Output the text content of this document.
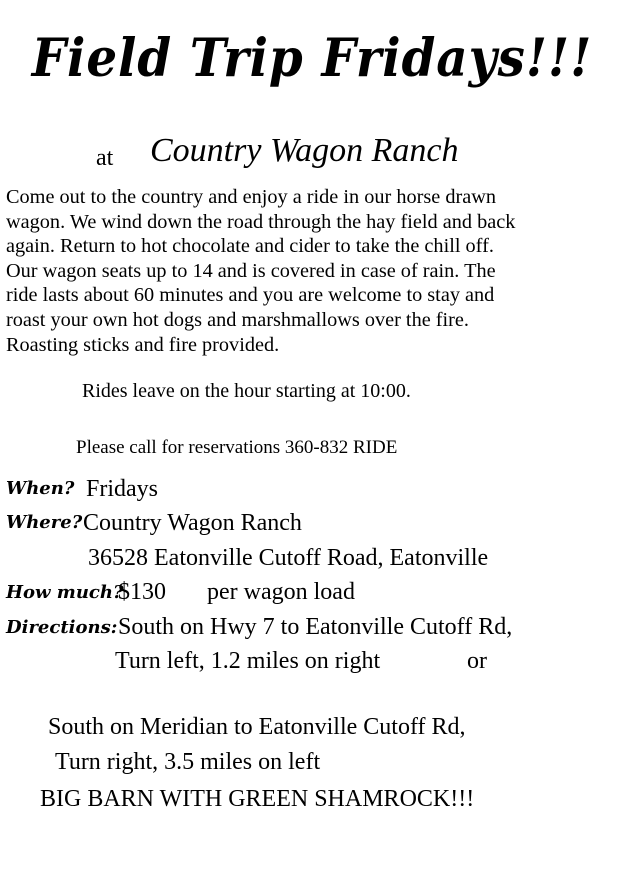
Field Trip Fridays!!!
at Country Wagon Ranch
Come out to the country and enjoy a ride in our horse drawn
wagon. We wind down the road through the hay field and back
again. Return to hot chocolate and cider to take the chill off.
Our wagon seats up to 14 and is covered in case of rain. The
ride lasts about 60 minutes and you are welcome to stay and
roast your own hot dogs and marshmallows over the fire.
Roasting sticks and fire provided.
Rides leave on the hour starting at 10:00.
Please call for reservations 360-832 RIDE
When? Fridays
Where? Country Wagon Ranch
36528 Eatonville Cutoff Road, Eatonville
How much?
$130 per wagon load
Directions: South on Hwy 7 to Eatonville Cutoff Rd,
Turn left, 1.2 miles on right	or
South on Meridian to Eatonville Cutoff Rd,
Turn right, 3.5 miles on left
BIG BARN WITH GREEN SHAMROCK!!!
